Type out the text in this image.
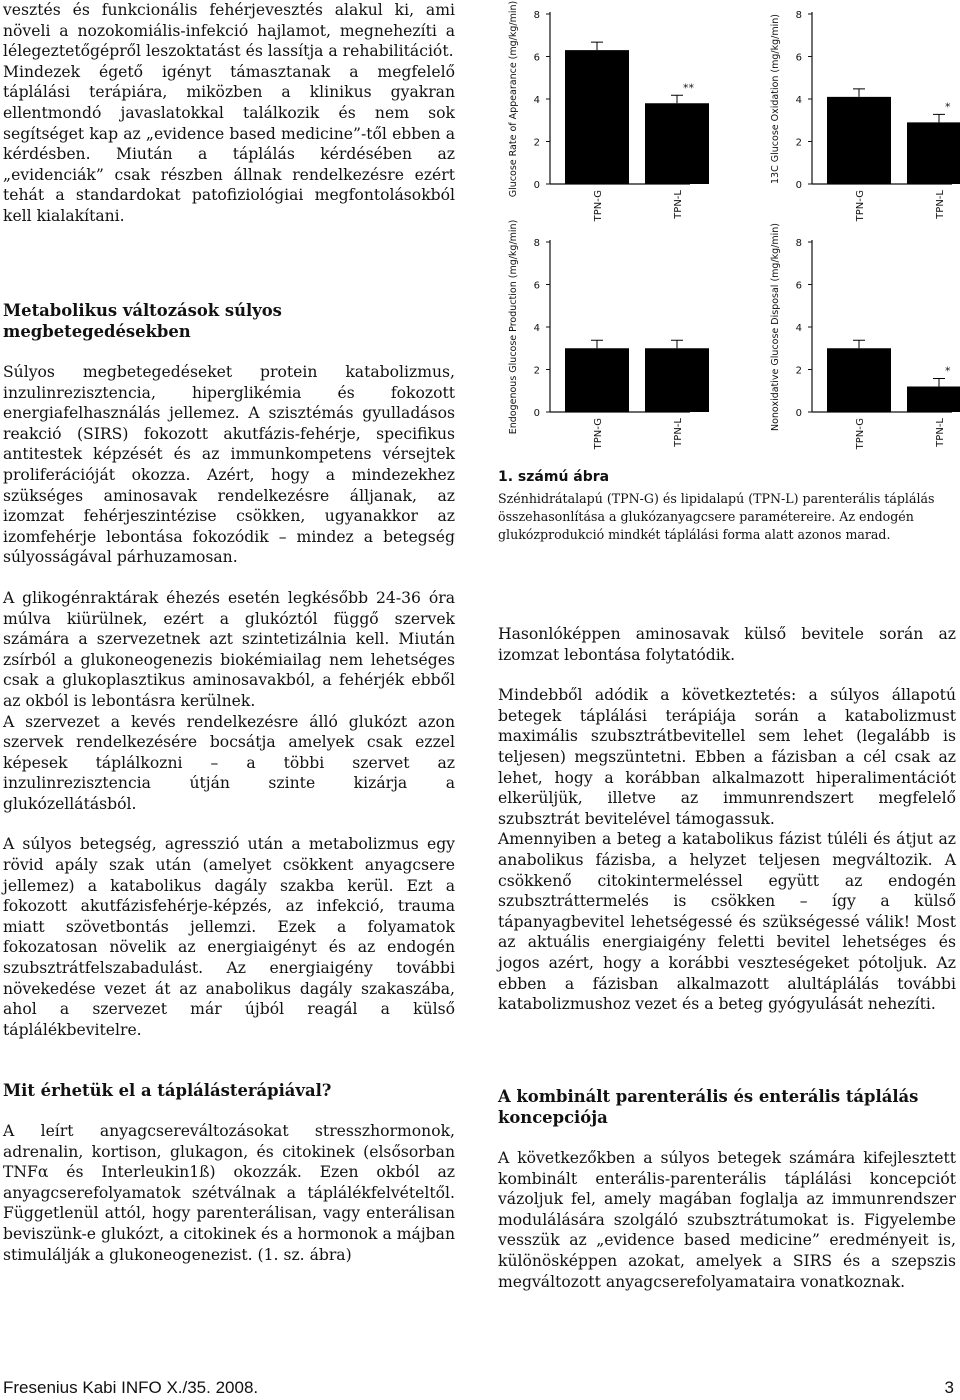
vesztés és funkcionális fehérjevesztés alakul ki, ami növeli a nozokomiális-infekció hajlamot, megnehezíti a lélegeztetőgépről leszoktatást és lassítja a rehabilitációt.

Mindezek égető igényt támasztanak a megfelelő táplálási terápiára, miközben a klinikus gyakran ellentmondó javaslatokkal találkozik és nem sok segítséget kap az „evidence based medicine”-től ebben a kérdésben. Miután a táplálás kérdésében az „evidenciák” csak részben állnak rendelkezésre ezért tehát a standardokat patofiziológiai megfontolásokból kell kialakítani.

Metabolikus változások súlyos megbetegedésekben

Súlyos megbetegedéseket protein katabolizmus, inzulinrezisztencia, hiperglikémia és fokozott energiafelhasználás jellemez. A szisztémás gyulladásos reakció (SIRS) fokozott akutfázis-fehérje, specifikus antitestek képzését és az immunkompetens vérsejtek proliferációját okozza. Azért, hogy a mindezekhez szükséges aminosavak rendelkezésre álljanak, az izomzat fehérjeszintézise csökken, ugyanakkor az izomfehérje lebontása fokozódik – mindez a betegség súlyosságával párhuzamosan.

A glikogénraktárak éhezés esetén legkésőbb 24-36 óra múlva kiürülnek, ezért a glukóztól függő szervek számára a szervezetnek azt szintetizálnia kell. Miután zsírból a glukoneogenezis biokémiailag nem lehetséges csak a glukoplasztikus aminosavakból, a fehérjék ebből az okból is lebontásra kerülnek.

A szervezet a kevés rendelkezésre álló glukózt azon szervek rendelkezésére bocsátja amelyek csak ezzel képesek táplálkozni – a többi szervet az inzulinrezisztencia útján szinte kizárja a glukózellátásból.

A súlyos betegség, agresszió után a metabolizmus egy rövid apály szak után (amelyet csökkent anyagcsere jellemez) a katabolikus dagály szakba kerül. Ezt a fokozott akutfázisfehérje-képzés, az infekció, trauma miatt szövetbontás jellemzi. Ezek a folyamatok fokozatosan növelik az energiaigényt és az endogén szubsztrátfelszabadulást. Az energiaigény további növekedése vezet át az anabolikus dagály szakaszába, ahol a szervezet már újból reagál a külső táplálékbevitelre.

Mit érhetük el a táplálásterápiával?

A leírt anyagcsereváltozásokat stresszhormonok, adrenalin, kortison, glukagon, és citokinek (elsősorban TNFα és Interleukin1ß) okozzák. Ezen okból az anyagcserefolyamatok szétválnak a táplálékfelvételtől. Függetlenül attól, hogy parenterálisan, vagy enterálisan beviszünk-e glukózt, a citokinek és a hormonok a májban stimulálják a glukoneogenezist. (1. sz. ábra)

0
2
4
6
8
Glucose Rate of Appearance (mg/kg/min)
TPN-G
**
TPN-L
0
2
4
6
8
13C Glucose Oxidation (mg/kg/min)
TPN-G
*
TPN-L
0
2
4
6
8
Endogenous Glucose Production (mg/kg/min)	TPN-G	TPN-L
0
2
4
6
8
Nonoxidative Glucose Disposal (mg/kg/min)
TPN-G
*
TPN-L
1. számú ábra
Szénhidrátalapú (TPN-G) és lipidalapú (TPN-L) parenterális táplálás összehasonlítása a glukózanyagcsere paramétereire. Az endogén glukózprodukció mindkét táplálási forma alatt azonos marad.

Hasonlóképpen aminosavak külső bevitele során az izomzat lebontása folytatódik.

Mindebből adódik a következtetés: a súlyos állapotú betegek táplálási terápiája során a katabolizmust maximális szubsztrátbevitellel sem lehet (legalább is teljesen) megszüntetni. Ebben a fázisban a cél csak az lehet, hogy a korábban alkalmazott hiperalimentációt elkerüljük, illetve az immunrendszert megfelelő szubsztrát bevitelével támogassuk.

Amennyiben a beteg a katabolikus fázist túléli és átjut az anabolikus fázisba, a helyzet teljesen megváltozik. A csökkenő citokintermeléssel együtt az endogén szubsztráttermelés is csökken – így a külső tápanyagbevitel lehetségessé és szükségessé válik! Most az aktuális energiaigény feletti bevitel lehetséges és jogos azért, hogy a korábbi veszteségeket pótoljuk. Az ebben a fázisban alkalmazott alultáplálás további katabolizmushoz vezet és a beteg gyógyulását nehezíti.

A kombinált parenterális és enterális táplálás koncepciója

A következőkben a súlyos betegek számára kifejlesztett kombinált enterális-parenterális táplálási koncepciót vázoljuk fel, amely magában foglalja az immunrendszer modulálására szolgáló szubsztrátumokat is. Figyelembe vesszük az „evidence based medicine” eredményeit is, különösképpen azokat, amelyek a SIRS és a szepszis megváltozott anyagcserefolyamataira vonatkoznak.

Fresenius Kabi INFO X./35. 2008.	3
